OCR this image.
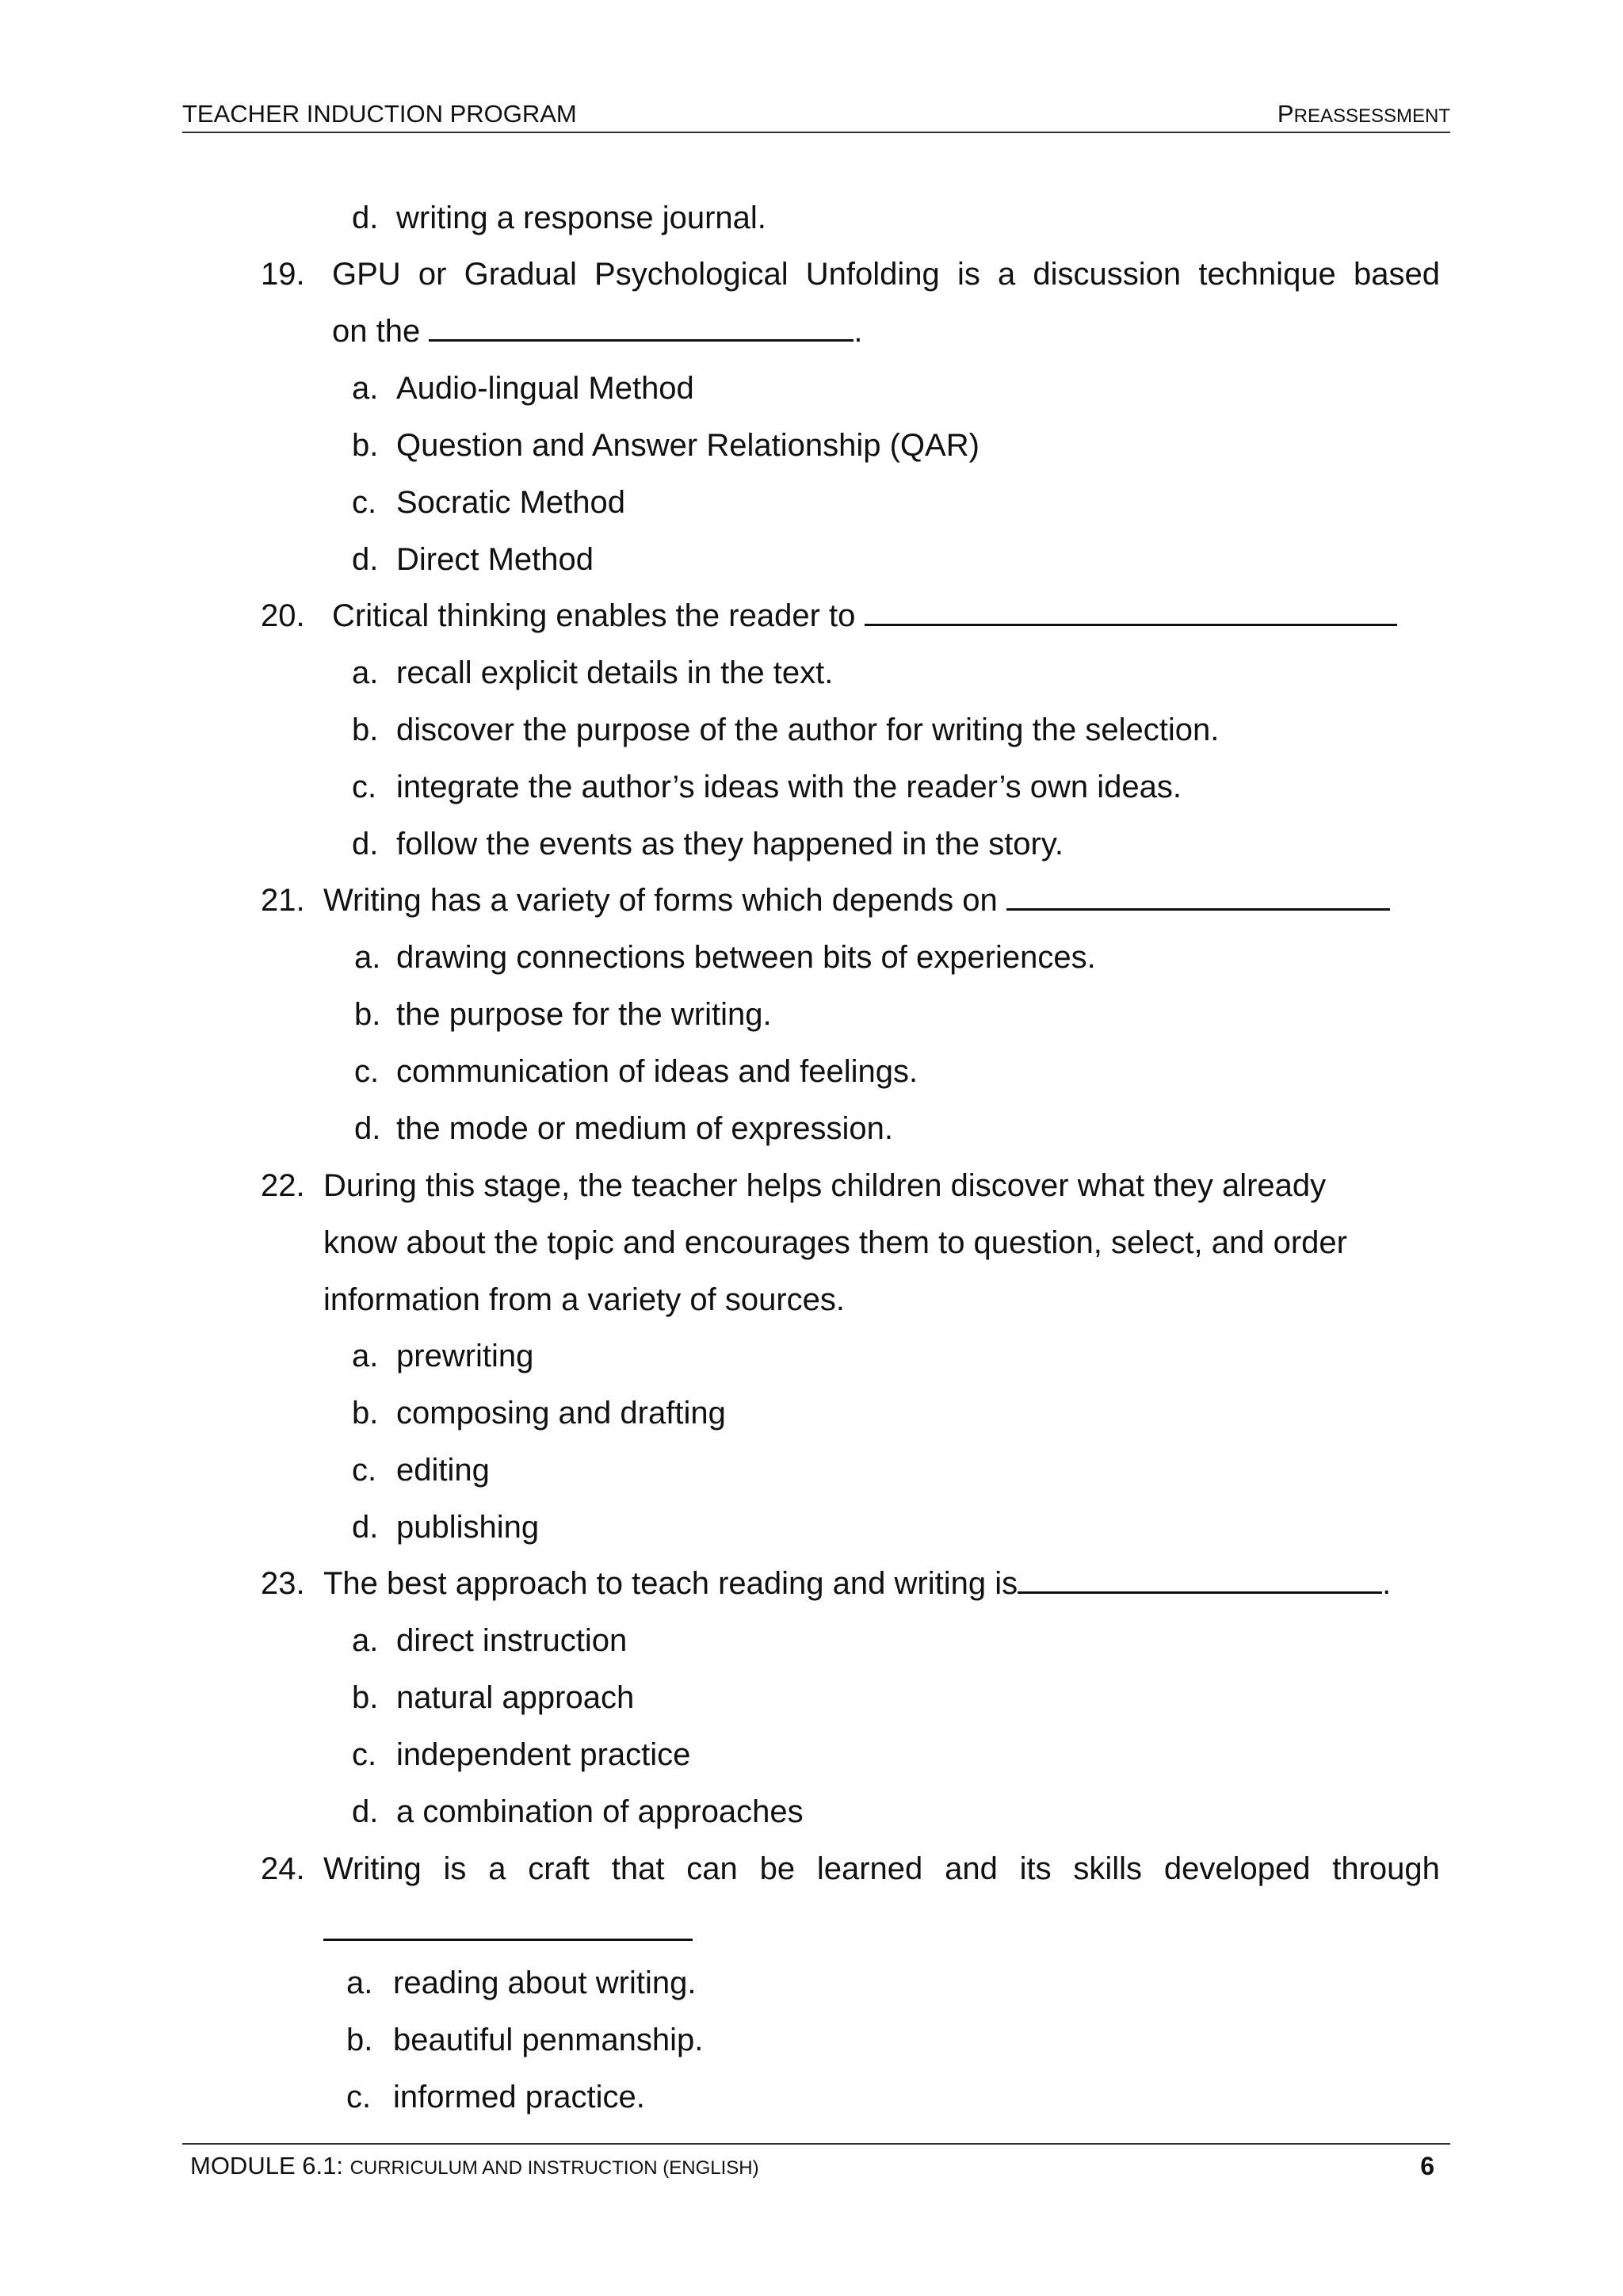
TEACHER INDUCTION PROGRAM	PREASSESSMENT
d. writing a response journal.
19. GPU or Gradual Psychological Unfolding is a discussion technique based
on the	.
a. Audio-lingual Method
b. Question and Answer Relationship (QAR)
c. Socratic Method
d. Direct Method
20. Critical thinking enables the reader to
a. recall explicit details in the text.
b. discover the purpose of the author for writing the selection.
c. integrate the author’s ideas with the reader’s own ideas.
d. follow the events as they happened in the story.
21. Writing has a variety of forms which depends on
a. drawing connections between bits of experiences.
b. the purpose for the writing.
c. communication of ideas and feelings.
d. the mode or medium of expression.
22. During this stage, the teacher helps children discover what they already
know about the topic and encourages them to question, select, and order
information from a variety of sources.
a. prewriting
b. composing and drafting
c. editing
d. publishing
23. The best approach to teach reading and writing is	.
a. direct instruction
b. natural approach
c. independent practice
d. a combination of approaches
24. Writing is a craft that can be learned and its skills developed through
a. reading about writing.
b. beautiful penmanship.
c. informed practice.
MODULE 6.1: CURRICULUM AND INSTRUCTION (ENGLISH)	6
